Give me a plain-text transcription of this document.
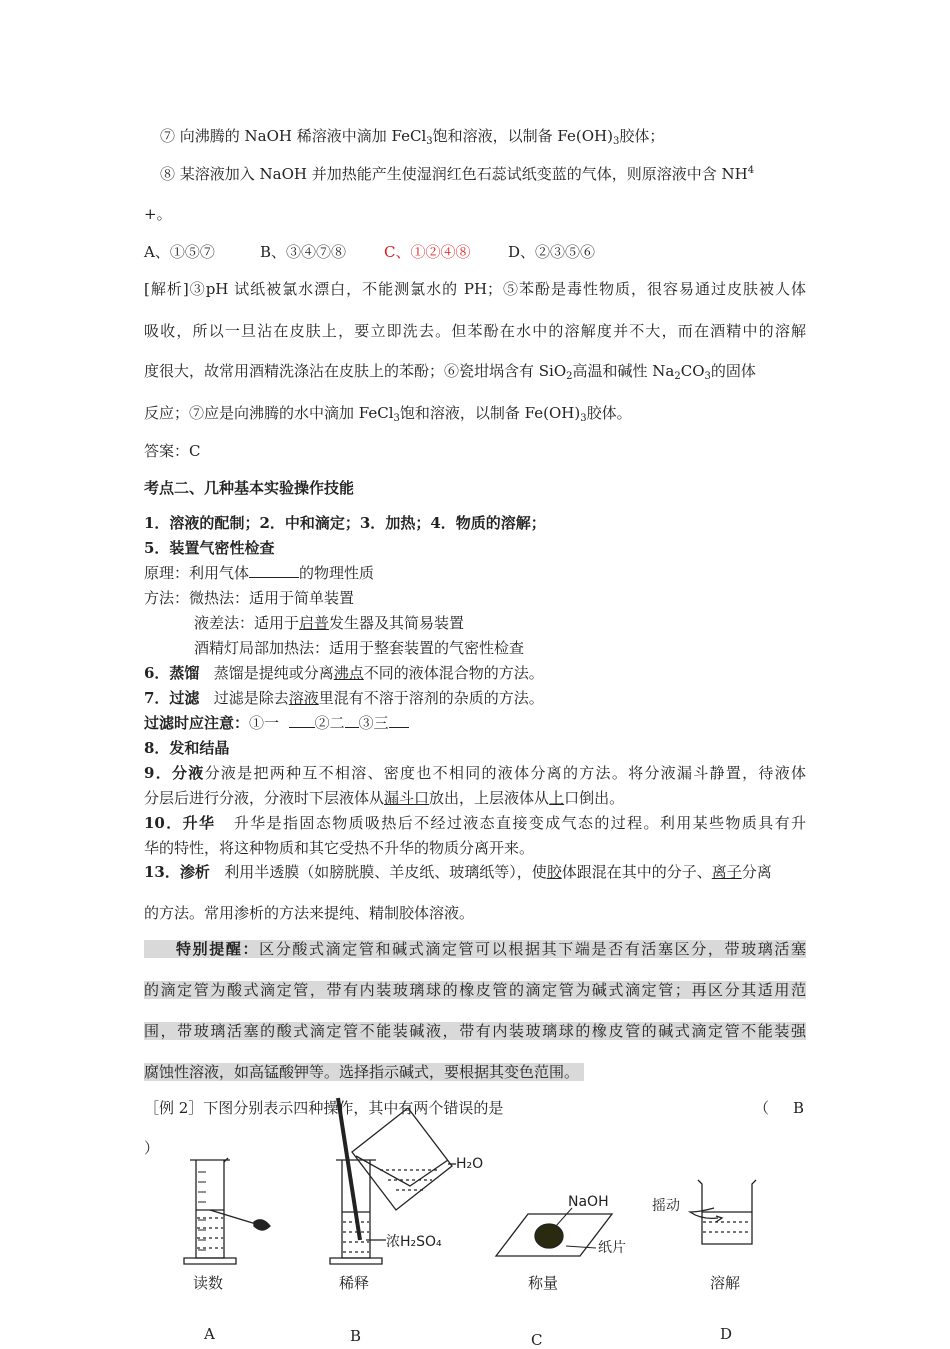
⑦ 向沸腾的 NaOH 稀溶液中滴加 FeCl$_3$饱和溶液，以制备 $Fe(OH)_3$胶体；
⑧ 某溶液加入 NaOH 并加热能产生使湿润红色石蕊试纸变蓝的气体，则原溶液中含 $NH^4$
+。
A、①⑤⑦	B、③④⑦⑧	C、①②④⑧	D、②③⑤⑥
[解析]③pH 试纸被氯水漂白，不能测氯水的 PH；⑤苯酚是毒性物质，很容易通过皮肤被人体
吸收，所以一旦沾在皮肤上，要立即洗去。但苯酚在水中的溶解度并不大，而在酒精中的溶解
度很大，故常用酒精洗涤沾在皮肤上的苯酚；⑥瓷坩埚含有 SiO$_2$高温和碱性 $Na_2CO_3$的固体
反应；⑦应是向沸腾的水中滴加 FeCl$_3$饱和溶液，以制备 $Fe(OH)_3$胶体。
答案：C
考点二、几种基本实验操作技能
1．溶液的配制；2．中和滴定；3．加热；4．物质的溶解；
5．装置气密性检查
原理：利用气体	的物理性质
方法：微热法：适用于简单装置
液差法：适用于启普发生器及其简易装置
酒精灯局部加热法：适用于整套装置的气密性检查
6．蒸馏 蒸馏是提纯或分离沸点不同的液体混合物的方法。
7．过滤 过滤是除去溶液里混有不溶于溶剂的杂质的方法。
过滤时应注意：①一 ②二 ③三
8．发和结晶
9．分液分液是把两种互不相溶、密度也不相同的液体分离的方法。将分液漏斗静置，待液体
分层后进行分液，分液时下层液体从漏斗口放出，上层液体从上口倒出。
10．升华 升华是指固态物质吸热后不经过液态直接变成气态的过程。利用某些物质具有升
华的特性，将这种物质和其它受热不升华的物质分离开来。
13．渗析 利用半透膜（如膀胱膜、羊皮纸、玻璃纸等），使胶体跟混在其中的分子、离子分离
的方法。常用渗析的方法来提纯、精制胶体溶液。
特别提醒：区分酸式滴定管和碱式滴定管可以根据其下端是否有活塞区分，带玻璃活塞
的滴定管为酸式滴定管，带有内装玻璃球的橡皮管的滴定管为碱式滴定管；再区分其适用范
围，带玻璃活塞的酸式滴定管不能装碱液，带有内装玻璃球的橡皮管的碱式滴定管不能装强
腐蚀性溶液，如高锰酸钾等。选择指示碱式，要根据其变色范围。
［例 2］下图分别表示四种操作，其中有两个错误的是	（ B
）
H₂O
浓H₂SO₄
NaOH
纸片
摇动
读数	稀释	称量	溶解
A	B	C	D
